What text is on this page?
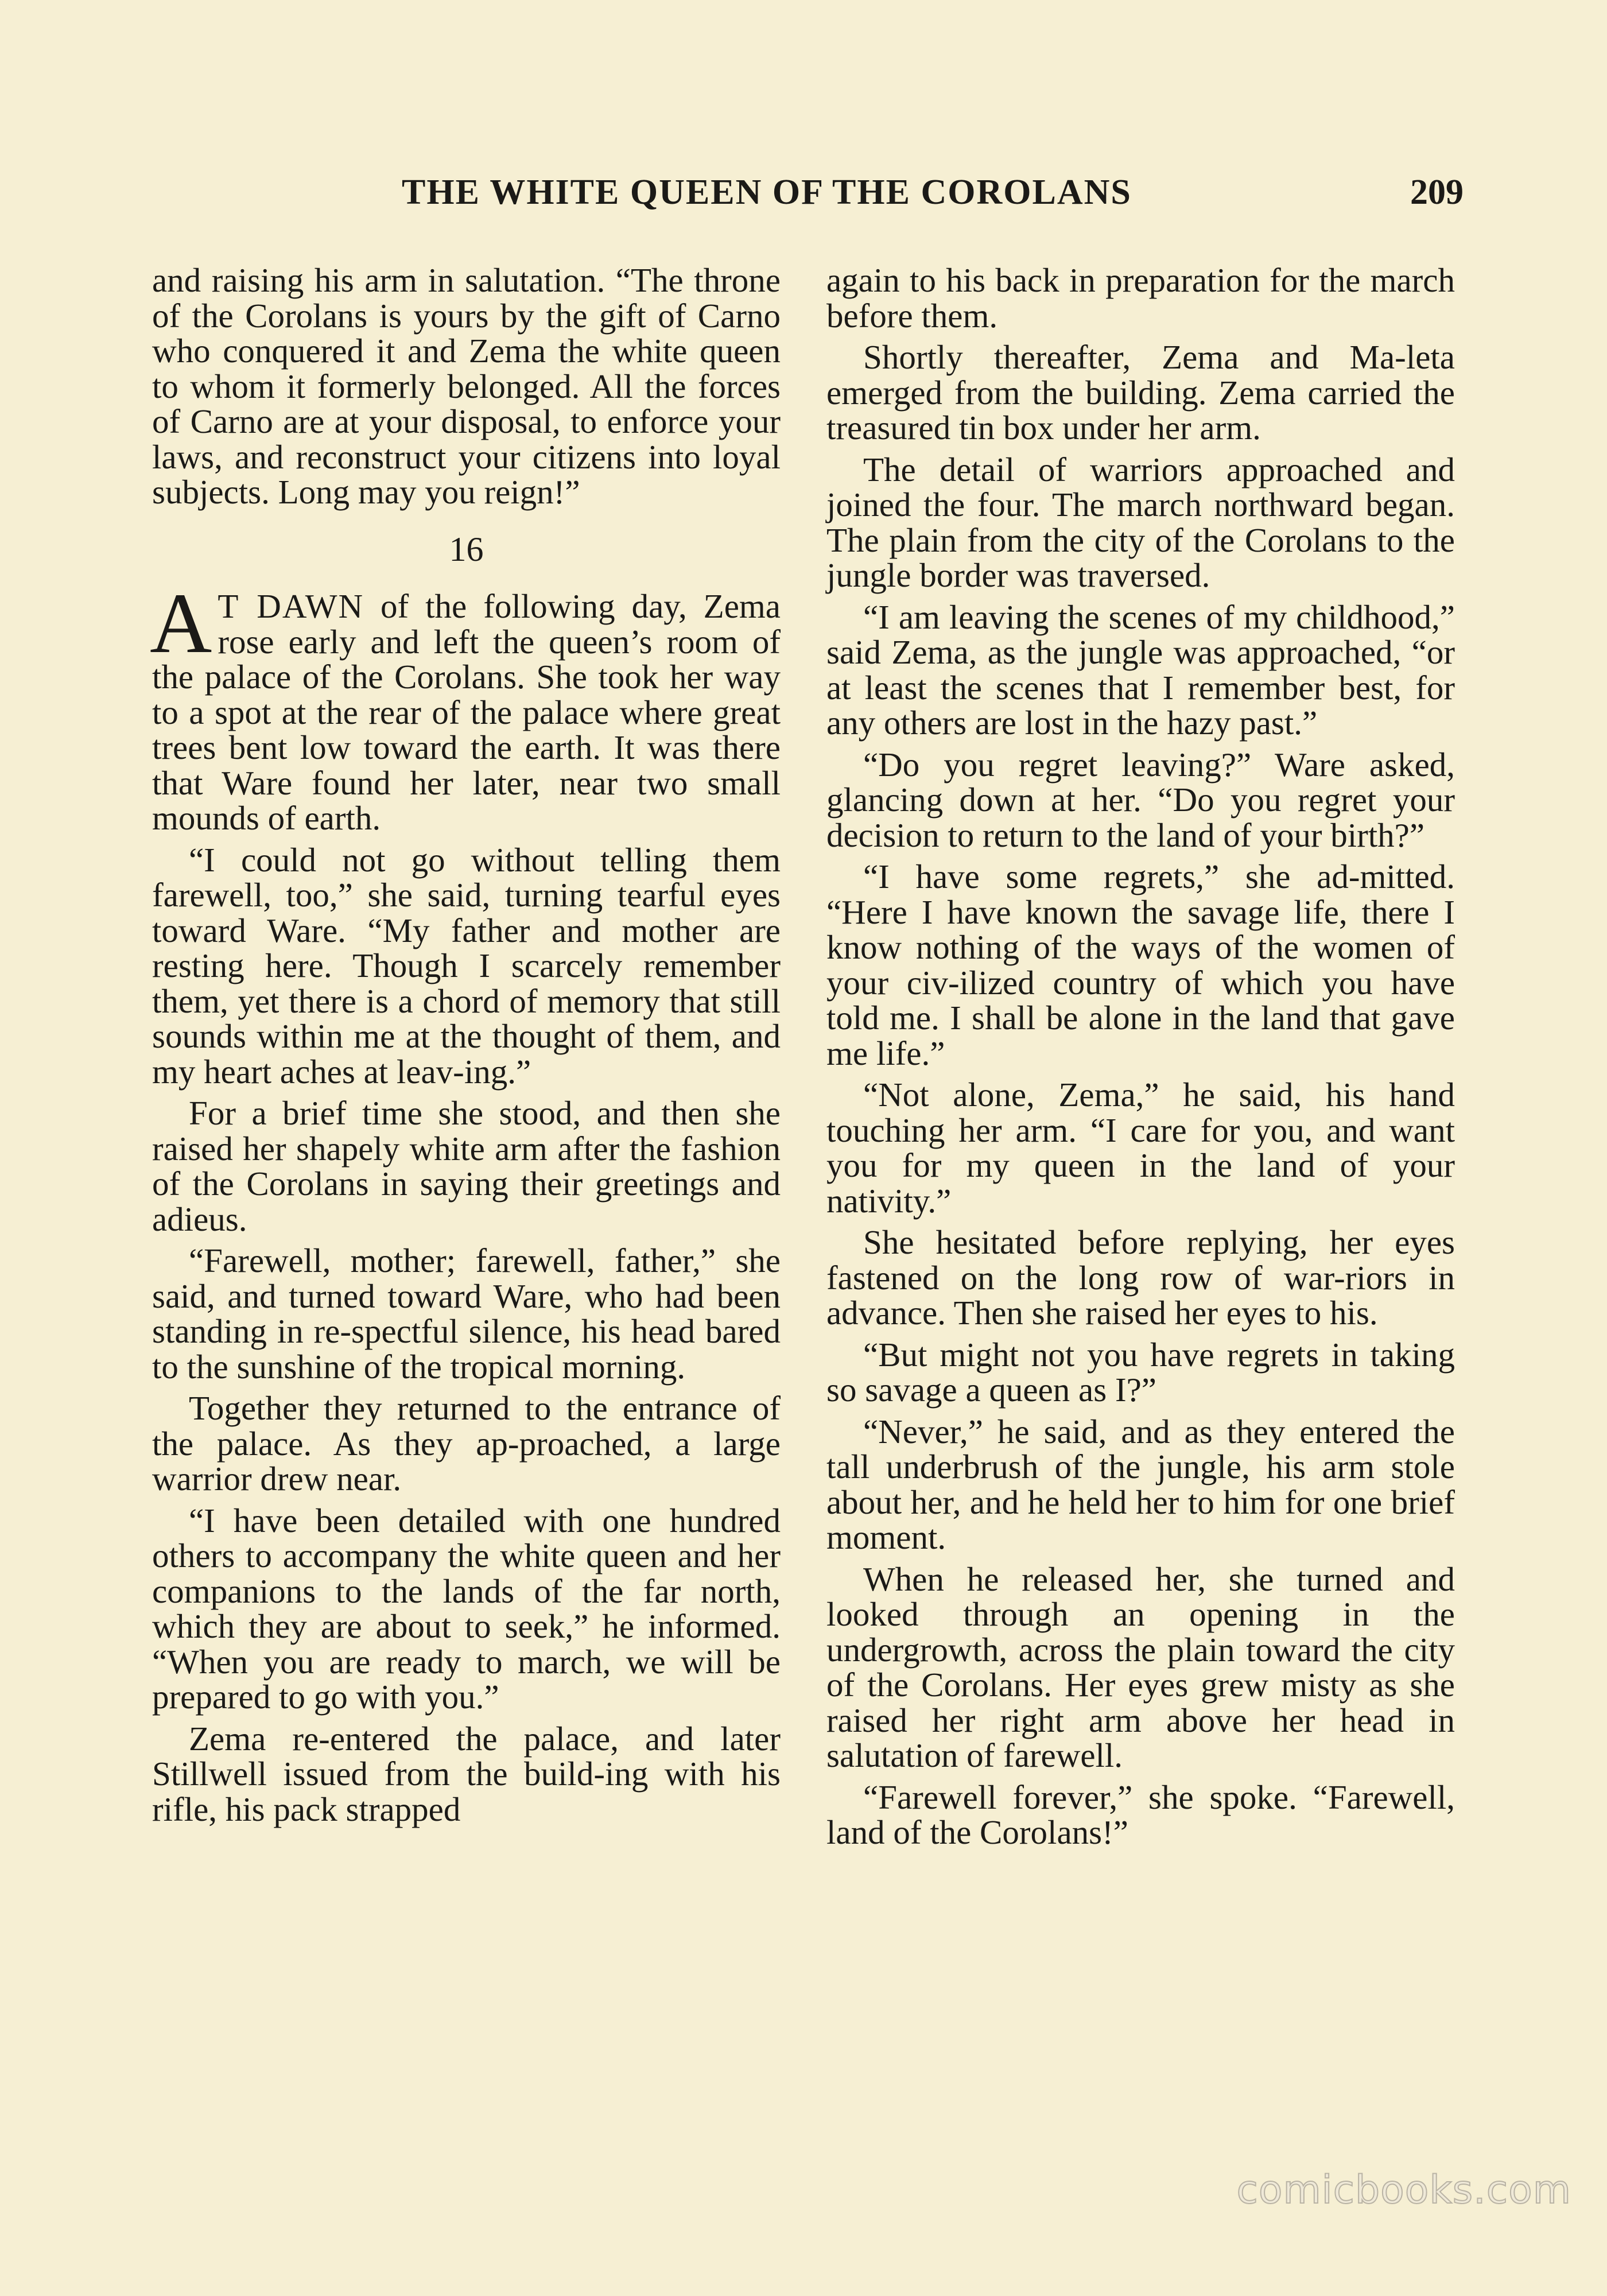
THE WHITE QUEEN OF THE COROLANS	209

and raising his arm in salutation. “The throne of the Corolans is yours by the gift of Carno who conquered it and Zema the white queen to whom it formerly belonged. All the forces of Carno are at your disposal, to enforce your laws, and reconstruct your citizens into loyal subjects. Long may you reign!”

16

A T DAWN of the following day, Zema rose early and left the queen’s room of the palace of the Corolans. She took her way to a spot at the rear of the palace where great trees bent low toward the earth. It was there that Ware found her later, near two small mounds of earth.

“I could not go without telling them farewell, too,” she said, turning tearful eyes toward Ware. “My father and mother are resting here. Though I scarcely remember them, yet there is a chord of memory that still sounds within me at the thought of them, and my heart aches at leav-ing.”

For a brief time she stood, and then she raised her shapely white arm after the fashion of the Corolans in saying their greetings and adieus.

“Farewell, mother; farewell, father,” she said, and turned toward Ware, who had been standing in re-spectful silence, his head bared to the sunshine of the tropical morning.

Together they returned to the entrance of the palace. As they ap-proached, a large warrior drew near.

“I have been detailed with one hundred others to accompany the white queen and her companions to the lands of the far north, which they are about to seek,” he informed. “When you are ready to march, we will be prepared to go with you.”

Zema re-entered the palace, and later Stillwell issued from the build-ing with his rifle, his pack strapped

again to his back in preparation for the march before them.

Shortly thereafter, Zema and Ma-leta emerged from the building. Zema carried the treasured tin box under her arm.

The detail of warriors approached and joined the four. The march northward began. The plain from the city of the Corolans to the jungle border was traversed.

“I am leaving the scenes of my childhood,” said Zema, as the jungle was approached, “or at least the scenes that I remember best, for any others are lost in the hazy past.”

“Do you regret leaving?” Ware asked, glancing down at her. “Do you regret your decision to return to the land of your birth?”

“I have some regrets,” she ad-mitted. “Here I have known the savage life, there I know nothing of the ways of the women of your civ-ilized country of which you have told me. I shall be alone in the land that gave me life.”

“Not alone, Zema,” he said, his hand touching her arm. “I care for you, and want you for my queen in the land of your nativity.”

She hesitated before replying, her eyes fastened on the long row of war-riors in advance. Then she raised her eyes to his.

“But might not you have regrets in taking so savage a queen as I?”

“Never,” he said, and as they entered the tall underbrush of the jungle, his arm stole about her, and he held her to him for one brief moment.

When he released her, she turned and looked through an opening in the undergrowth, across the plain toward the city of the Corolans. Her eyes grew misty as she raised her right arm above her head in salutation of farewell.

“Farewell forever,” she spoke. “Farewell, land of the Corolans!”

comicbooks.com
